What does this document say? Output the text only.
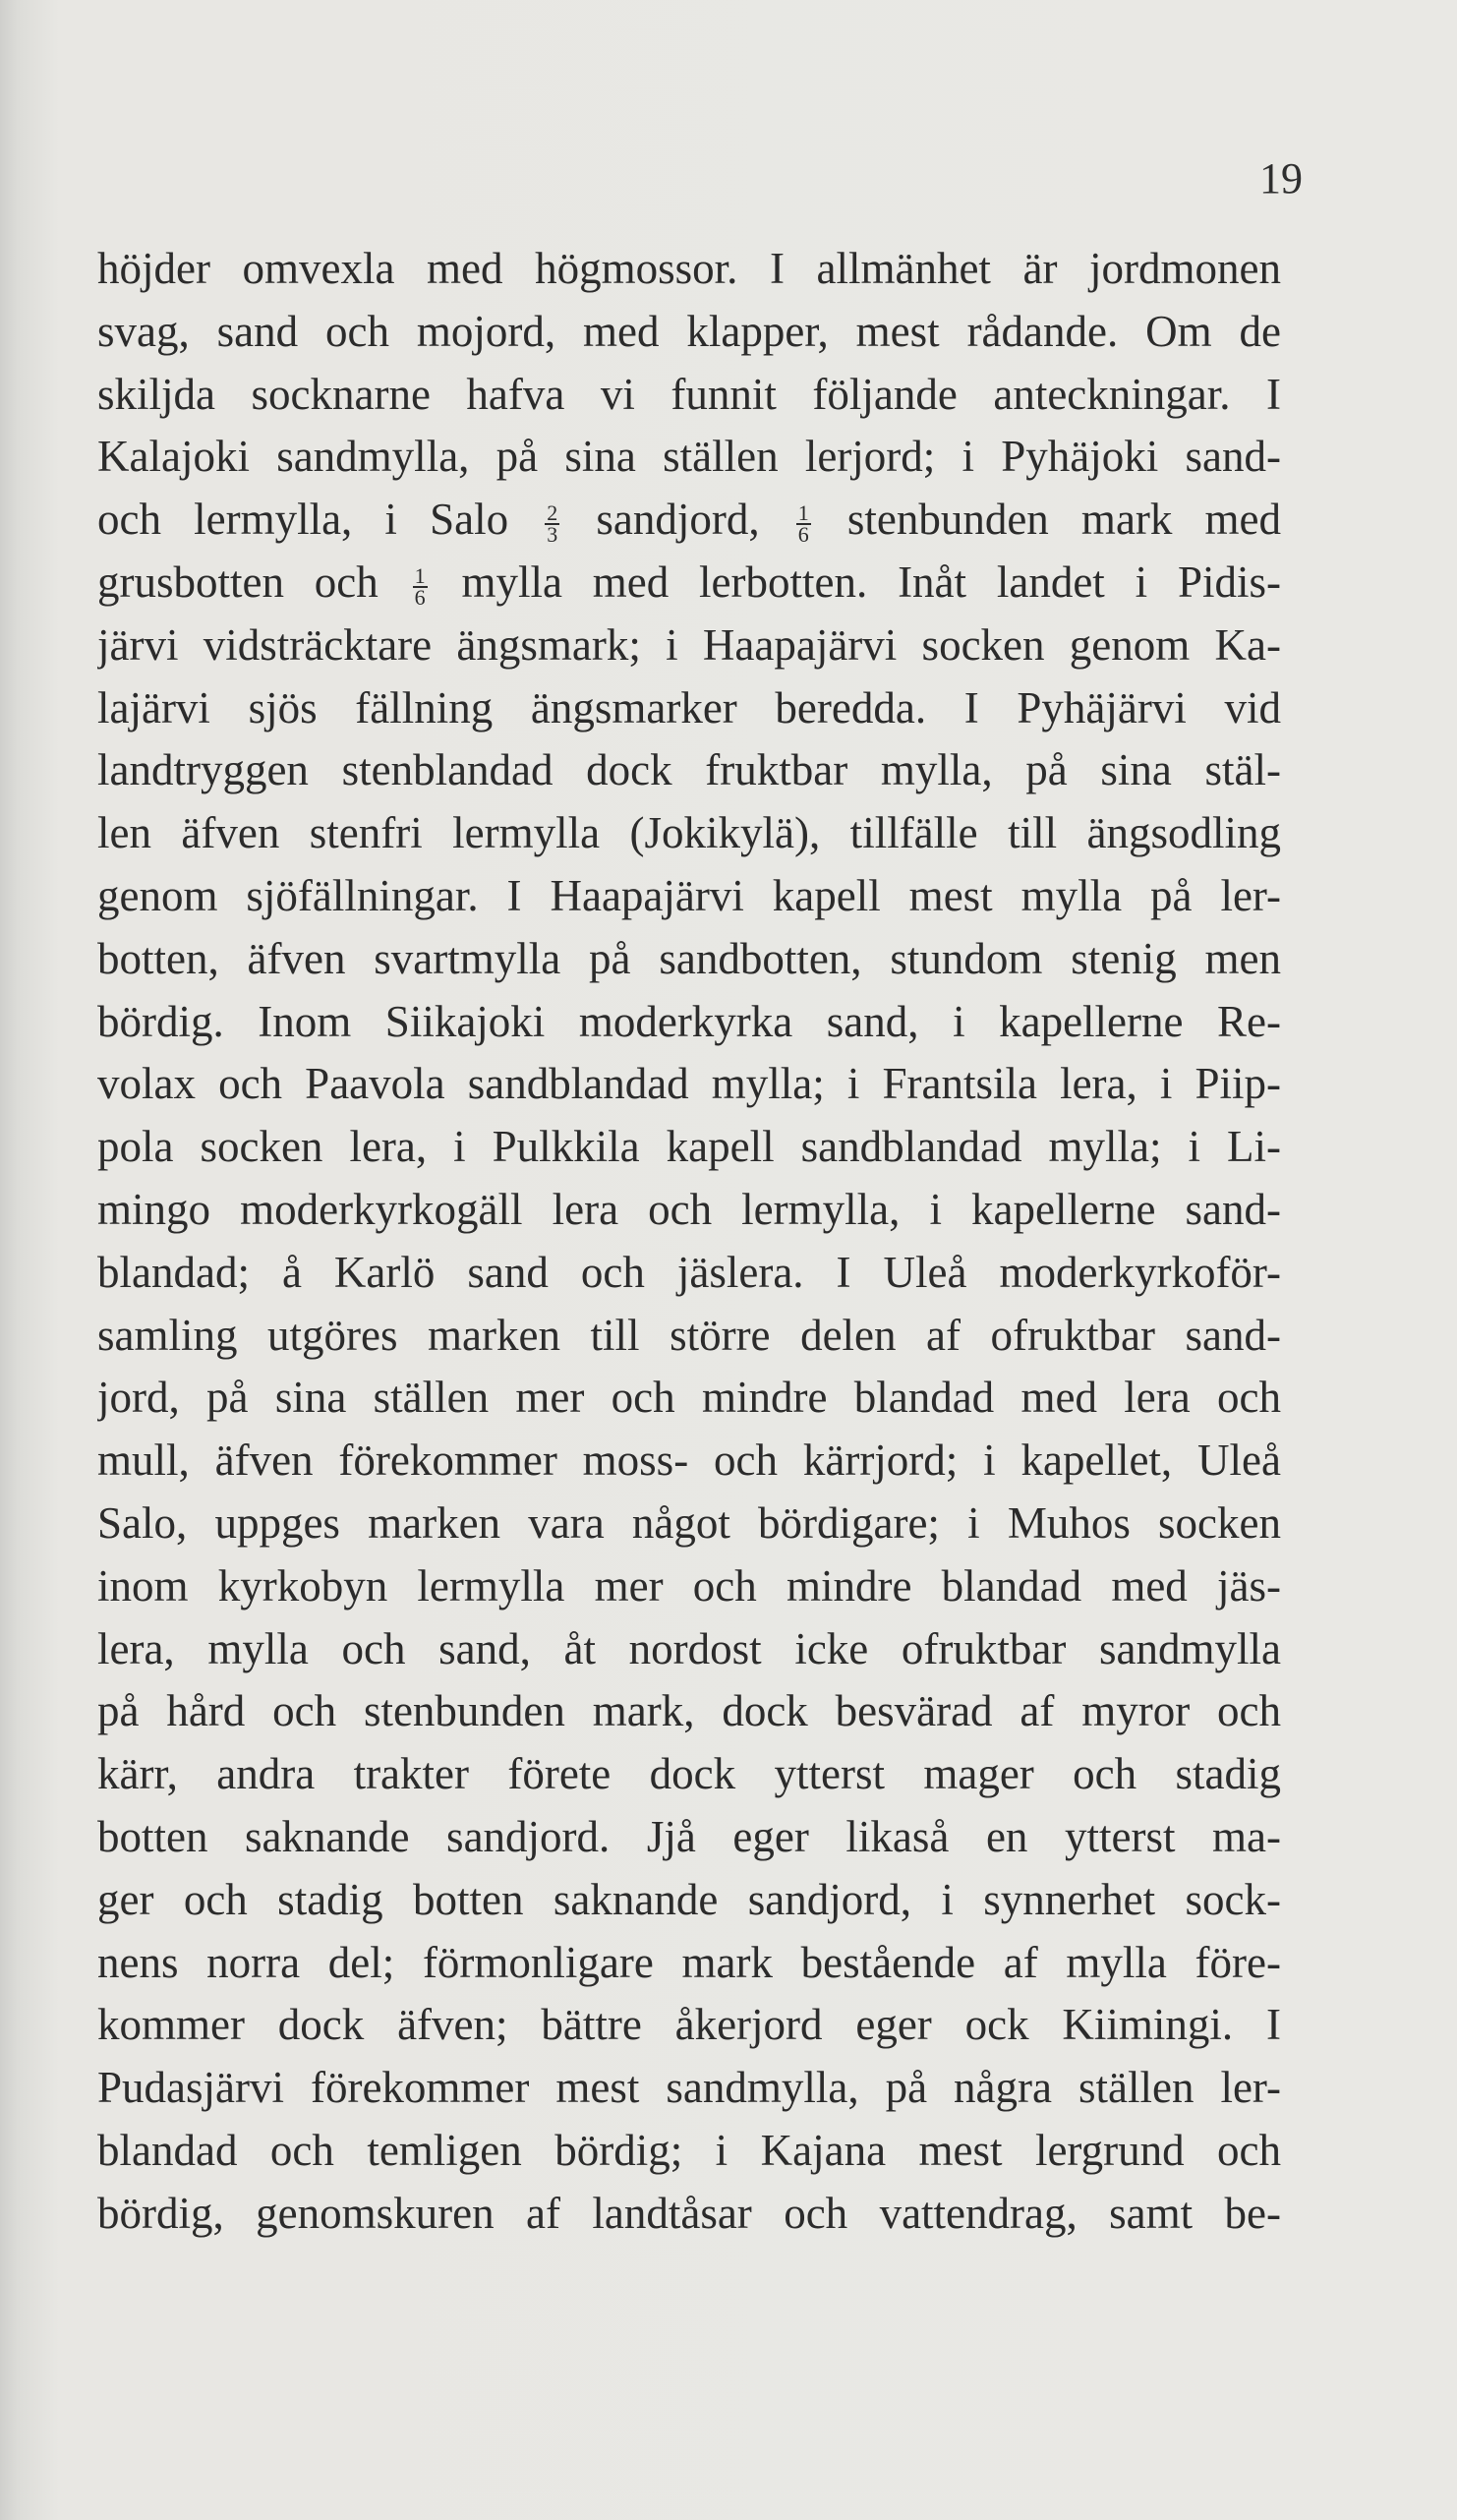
19
höjder omvexla med högmossor. I allmänhet är jordmonen
svag, sand och mojord, med klapper, mest rådande. Om de
skiljda socknarne hafva vi funnit följande anteckningar. I
Kalajoki sandmylla, på sina ställen lerjord; i Pyhäjoki sand-
och lermylla, i Salo $\frac{2}{3}$ sandjord, $\frac{1}{6}$ stenbunden mark med
grusbotten och $\frac{1}{6}$ mylla med lerbotten. Inåt landet i Pidis-
järvi vidsträcktare ängsmark; i Haapajärvi socken genom Ka-
lajärvi sjös fällning ängsmarker beredda. I Pyhäjärvi vid
landtryggen stenblandad dock fruktbar mylla, på sina stäl-
len äfven stenfri lermylla (Jokikylä), tillfälle till ängsodling
genom sjöfällningar. I Haapajärvi kapell mest mylla på ler-
botten, äfven svartmylla på sandbotten, stundom stenig men
bördig. Inom Siikajoki moderkyrka sand, i kapellerne Re-
volax och Paavola sandblandad mylla; i Frantsila lera, i Piip-
pola socken lera, i Pulkkila kapell sandblandad mylla; i Li-
mingo moderkyrkogäll lera och lermylla, i kapellerne sand-
blandad; å Karlö sand och jäslera. I Uleå moderkyrkoför-
samling utgöres marken till större delen af ofruktbar sand-
jord, på sina ställen mer och mindre blandad med lera och
mull, äfven förekommer moss- och kärrjord; i kapellet, Uleå
Salo, uppges marken vara något bördigare; i Muhos socken
inom kyrkobyn lermylla mer och mindre blandad med jäs-
lera, mylla och sand, åt nordost icke ofruktbar sandmylla
på hård och stenbunden mark, dock besvärad af myror och
kärr, andra trakter förete dock ytterst mager och stadig
botten saknande sandjord. Jjå eger likaså en ytterst ma-
ger och stadig botten saknande sandjord, i synnerhet sock-
nens norra del; förmonligare mark bestående af mylla före-
kommer dock äfven; bättre åkerjord eger ock Kiimingi. I
Pudasjärvi förekommer mest sandmylla, på några ställen ler-
blandad och temligen bördig; i Kajana mest lergrund och
bördig, genomskuren af landtåsar och vattendrag, samt be-
